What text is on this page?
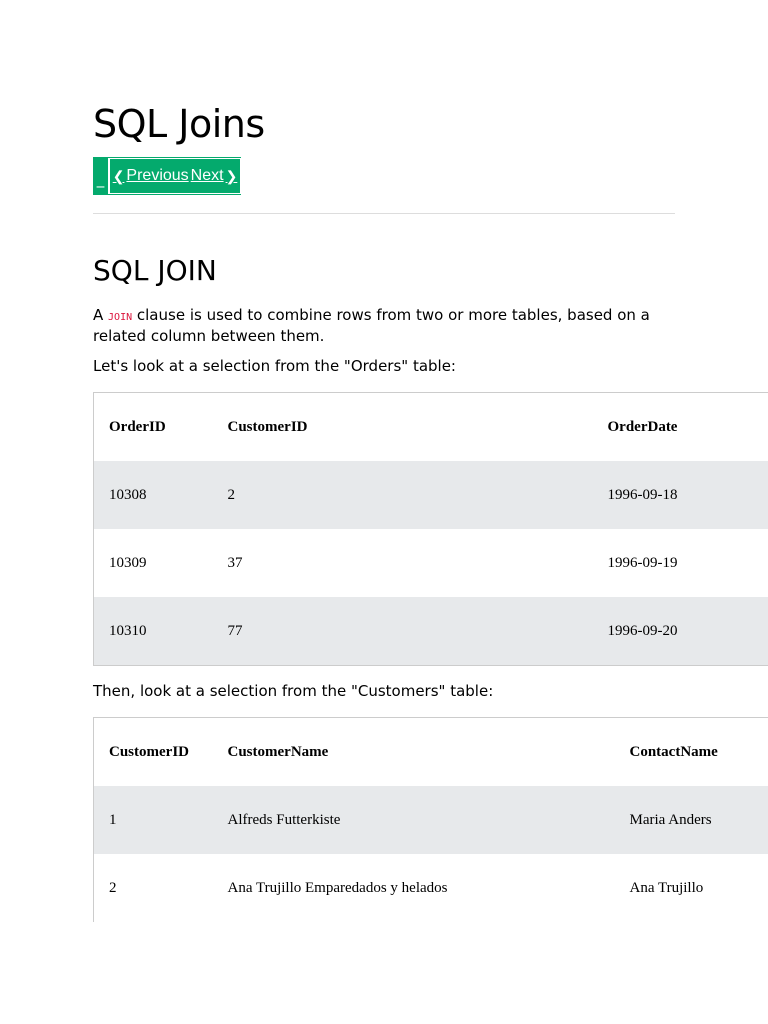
SQL Joins
_ ❮ Previous Next ❯
SQL JOIN

A JOIN clause is used to combine rows from two or more tables, based on a related column between them.

Let's look at a selection from the "Orders" table:

OrderID	CustomerID	OrderDate
10308	2	1996-09-18
10309	37	1996-09-19
10310	77	1996-09-20

Then, look at a selection from the "Customers" table:

CustomerID	CustomerName	ContactName
1	Alfreds Futterkiste	Maria Anders
2	Ana Trujillo Emparedados y helados	Ana Trujillo
